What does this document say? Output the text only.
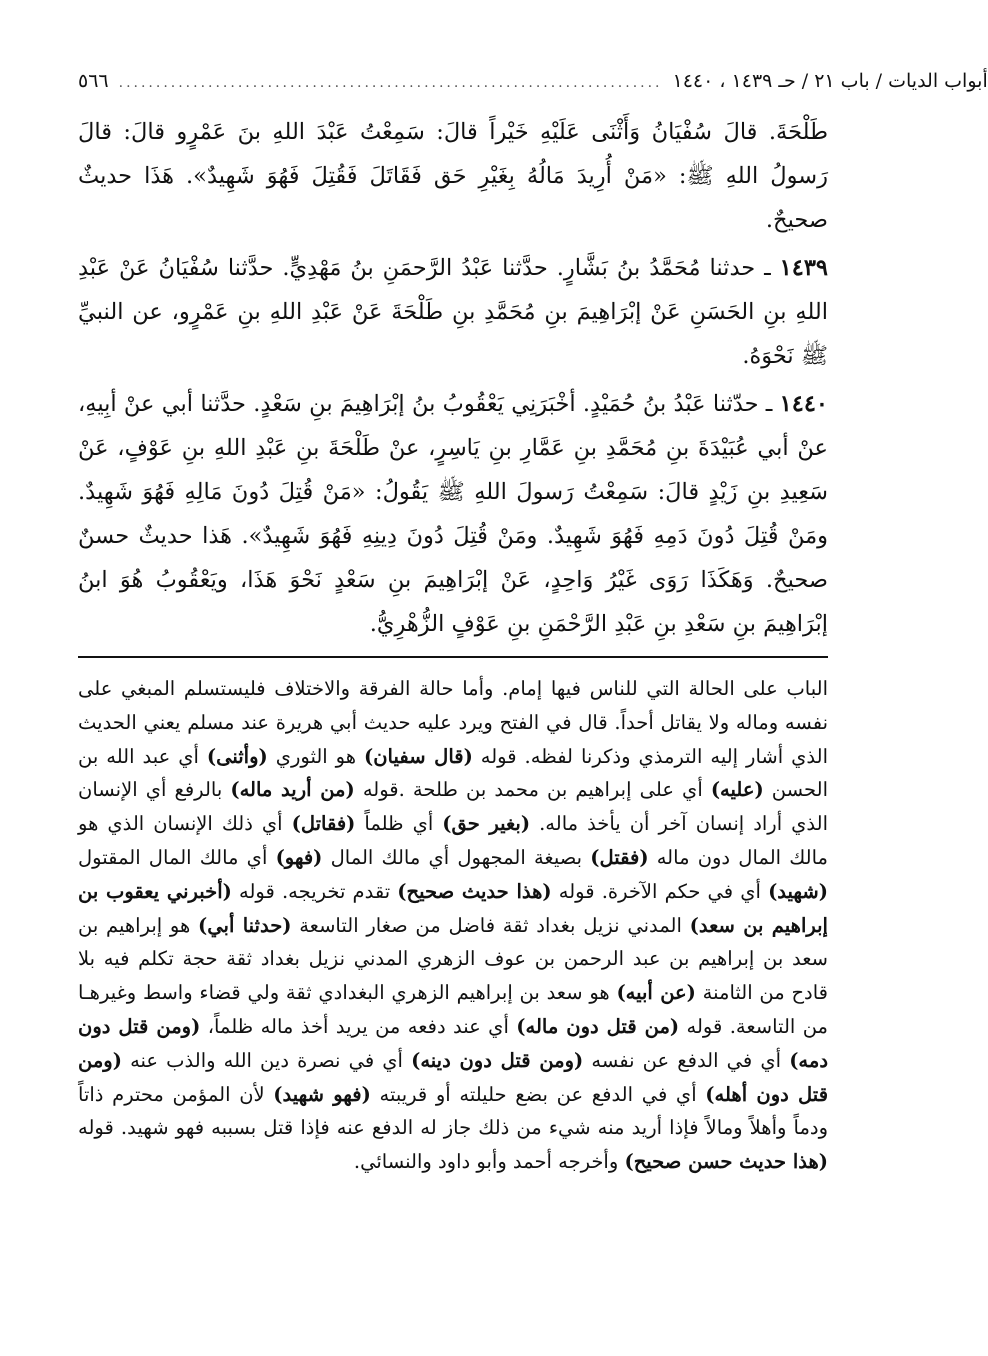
٥٦٦ ......................................................................... أبواب الديات / باب ٢١ / حـ ١٤٣٩ ، ١٤٤٠

طَلْحَةَ. قالَ سُفْيَانُ وَأَثْنَى عَلَيْهِ خَيْراً قالَ: سَمِعْتُ عَبْدَ اللهِ بنَ عَمْرٍو قالَ: قالَ رَسولُ اللهِ ﷺ: «مَنْ أُرِيدَ مَالُهُ بِغَيْرِ حَق فَقَاتَلَ فَقُتِلَ فَهُوَ شَهِيدٌ». هَذَا حديثٌ صحيحٌ.

١٤٣٩ ـ حدثنا مُحَمَّدُ بنُ بَشَّارٍ. حدَّثنا عَبْدُ الرَّحمَنِ بنُ مَهْدِيٍّ. حدَّثنا سُفْيَانُ عَنْ عَبْدِ اللهِ بنِ الحَسَنِ عَنْ إبْرَاهِيمَ بنِ مُحَمَّدِ بنِ طَلْحَةَ عَنْ عَبْدِ اللهِ بنِ عَمْرٍو، عن النبيِّ ﷺ نَحْوَهُ.

١٤٤٠ ـ حدّثنا عَبْدُ بنُ حُمَيْدٍ. أخْبَرَنِي يَعْقُوبُ بنُ إبْرَاهِيمَ بنِ سَعْدٍ. حدَّثنا أبي عنْ أبِيهِ، عنْ أبي عُبَيْدَةَ بنِ مُحَمَّدِ بنِ عَمَّارِ بنِ يَاسِرٍ، عنْ طَلْحَةَ بنِ عَبْدِ اللهِ بنِ عَوْفٍ، عَنْ سَعِيدِ بنِ زَيْدٍ قالَ: سَمِعْتُ رَسولَ اللهِ ﷺ يَقُولُ: «مَنْ قُتِلَ دُونَ مَالِهِ فَهُوَ شَهِيدٌ. ومَنْ قُتِلَ دُونَ دَمِهِ فَهُوَ شَهِيدٌ. ومَنْ قُتِلَ دُونَ دِينِهِ فَهُوَ شَهِيدٌ». هَذا حديثٌ حسنٌ صحيحٌ. وَهَكَذَا رَوَى غَيْرُ وَاحِدٍ، عَنْ إبْرَاهِيمَ بنِ سَعْدٍ نَحْوَ هَذَا، ويَعْقُوبُ هُوَ ابنُ إبْرَاهِيمَ بنِ سَعْدِ بنِ عَبْدِ الرَّحْمَنِ بنِ عَوْفٍ الزُّهْرِيُّ.

الباب على الحالة التي للناس فيها إمام. وأما حالة الفرقة والاختلاف فليستسلم المبغي على نفسه وماله ولا يقاتل أحداً. قال في الفتح ويرد عليه حديث أبي هريرة عند مسلم يعني الحديث الذي أشار إليه الترمذي وذكرنا لفظه. قوله (قال سفيان) هو الثوري (وأثنى) أي عبد الله بن الحسن (عليه) أي على إبراهيم بن محمد بن طلحة .قوله (من أريد ماله) بالرفع أي الإنسان الذي أراد إنسان آخر أن يأخذ ماله. (بغير حق) أي ظلماً (فقاتل) أي ذلك الإنسان الذي هو مالك المال دون ماله (فقتل) بصيغة المجهول أي مالك المال (فهو) أي مالك المال المقتول (شهيد) أي في حكم الآخرة. قوله (هذا حديث صحيح) تقدم تخريجه. قوله (أخبرني يعقوب بن إبراهيم بن سعد) المدني نزيل بغداد ثقة فاضل من صغار التاسعة (حدثنا أبي) هو إبراهيم بن سعد بن إبراهيم بن عبد الرحمن بن عوف الزهري المدني نزيل بغداد ثقة حجة تكلم فيه بلا قادح من الثامنة (عن أبيه) هو سعد بن إبراهيم الزهري البغدادي ثقة ولي قضاء واسط وغيرهـا من التاسعة. قوله (من قتل دون ماله) أي عند دفعه من يريد أخذ ماله ظلماً، (ومن قتل دون دمه) أي في الدفع عن نفسه (ومن قتل دون دينه) أي في نصرة دين الله والذب عنه (ومن قتل دون أهله) أي في الدفع عن بضع حليلته أو قريبته (فهو شهيد) لأن المؤمن محترم ذاتاً ودماً وأهلاً ومالاً فإذا أريد منه شيء من ذلك جاز له الدفع عنه فإذا قتل بسببه فهو شهيد. قوله (هذا حديث حسن صحيح) وأخرجه أحمد وأبو داود والنسائي.
